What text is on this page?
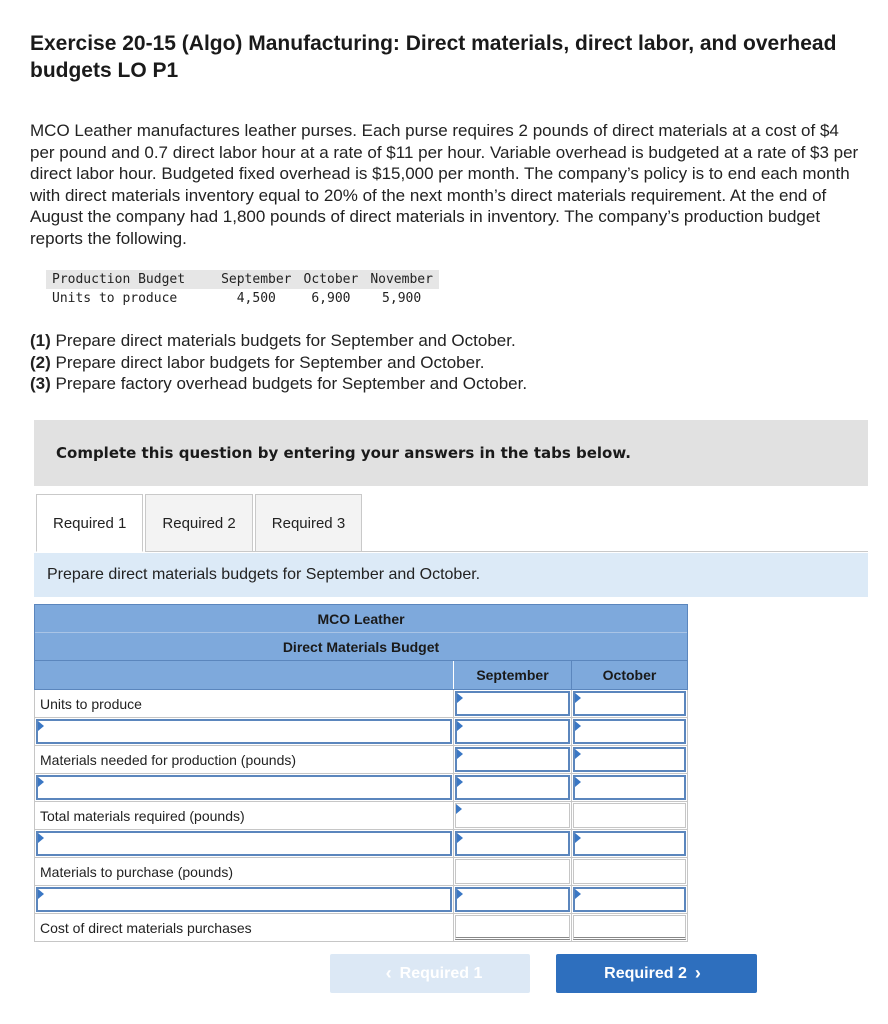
Exercise 20-15 (Algo) Manufacturing: Direct materials, direct labor, and overhead budgets LO P1
MCO Leather manufactures leather purses. Each purse requires 2 pounds of direct materials at a cost of $4 per pound and 0.7 direct labor hour at a rate of $11 per hour. Variable overhead is budgeted at a rate of $3 per direct labor hour. Budgeted fixed overhead is $15,000 per month. The company’s policy is to end each month with direct materials inventory equal to 20% of the next month’s direct materials requirement. At the end of August the company had 1,800 pounds of direct materials in inventory. The company’s production budget reports the following.
Production Budget	September	October	November
Units to produce	4,500	6,900	5,900
(1) Prepare direct materials budgets for September and October.
(2) Prepare direct labor budgets for September and October.
(3) Prepare factory overhead budgets for September and October.
Complete this question by entering your answers in the tabs below.
Required 1	Required 2	Required 3
Prepare direct materials budgets for September and October.
MCO Leather		
Direct Materials Budget		
	September	October
Units to produce	

Materials needed for production (pounds)	

Total materials required (pounds)	

Materials to purchase (pounds)	

Cost of direct materials purchases	

‹ Required 1	Required 2 ›
